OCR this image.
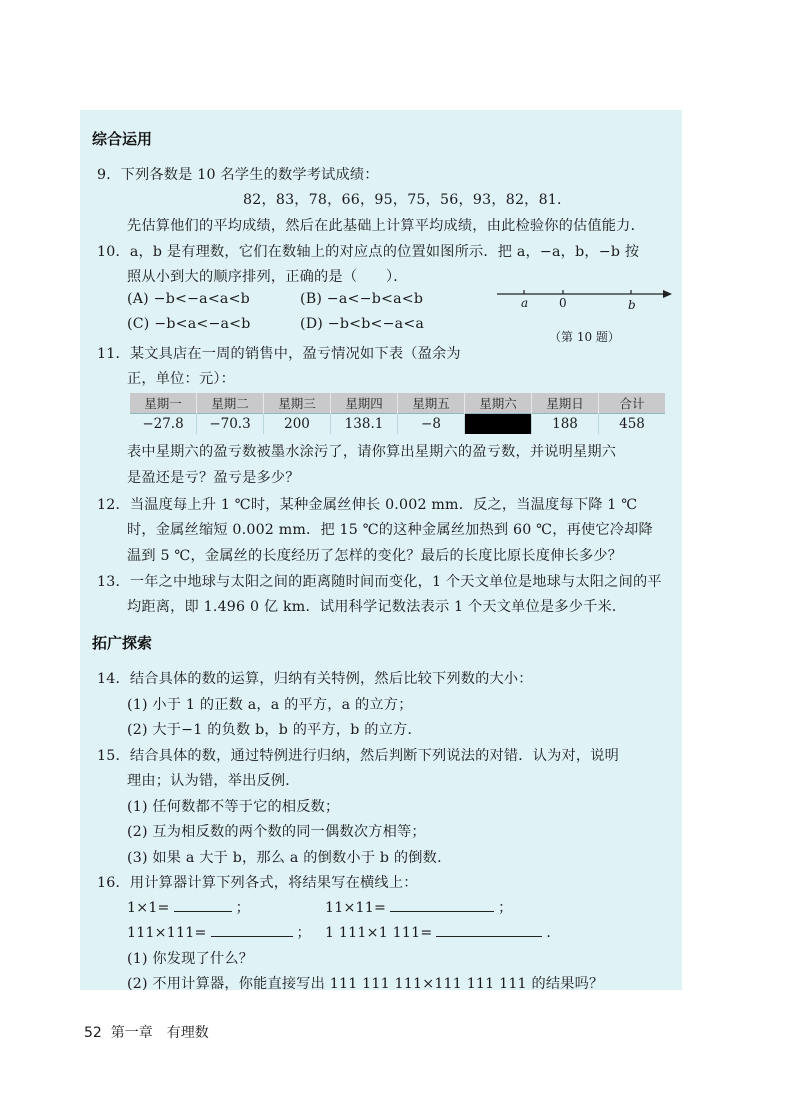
综合运用
9．下列各数是 10 名学生的数学考试成绩：
82，83，78，66，95，75，56，93，82，81．
先估算他们的平均成绩，然后在此基础上计算平均成绩，由此检验你的估值能力．
10．a，b 是有理数，它们在数轴上的对应点的位置如图所示．把 a，−a，b，−b 按
照从小到大的顺序排列，正确的是（　　）．
(A) −b<−a<a<b	(B) −a<−b<a<b
(C) −b<a<−a<b	(D) −b<b<−a<a
a	0	b
（第 10 题）
11．某文具店在一周的销售中，盈亏情况如下表（盈余为
正，单位：元）：
星期一	星期二	星期三	星期四	星期五	星期六	星期日	合计
−27.8	−70.3	200	138.1	−8		188	458
表中星期六的盈亏数被墨水涂污了，请你算出星期六的盈亏数，并说明星期六
是盈还是亏？盈亏是多少？
12．当温度每上升 1 ℃时，某种金属丝伸长 0.002 mm．反之，当温度每下降 1 ℃
时，金属丝缩短 0.002 mm．把 15 ℃的这种金属丝加热到 60 ℃，再使它冷却降
温到 5 ℃，金属丝的长度经历了怎样的变化？最后的长度比原长度伸长多少？
13．一年之中地球与太阳之间的距离随时间而变化，1 个天文单位是地球与太阳之间的平
均距离，即 1.496 0 亿 km．试用科学记数法表示 1 个天文单位是多少千米．
拓广探索
14．结合具体的数的运算，归纳有关特例，然后比较下列数的大小：
(1) 小于 1 的正数 a，a 的平方，a 的立方；
(2) 大于−1 的负数 b，b 的平方，b 的立方．
15．结合具体的数，通过特例进行归纳，然后判断下列说法的对错．认为对，说明
理由；认为错，举出反例．
(1) 任何数都不等于它的相反数；
(2) 互为相反数的两个数的同一偶数次方相等；
(3) 如果 a 大于 b，那么 a 的倒数小于 b 的倒数．
16．用计算器计算下列各式，将结果写在横线上：
1×1=	；	11×11=	；
111×111=	； 1 111×1 111=	．
(1) 你发现了什么？
(2) 不用计算器，你能直接写出 111 111 111×111 111 111 的结果吗？
52 第一章　有理数
